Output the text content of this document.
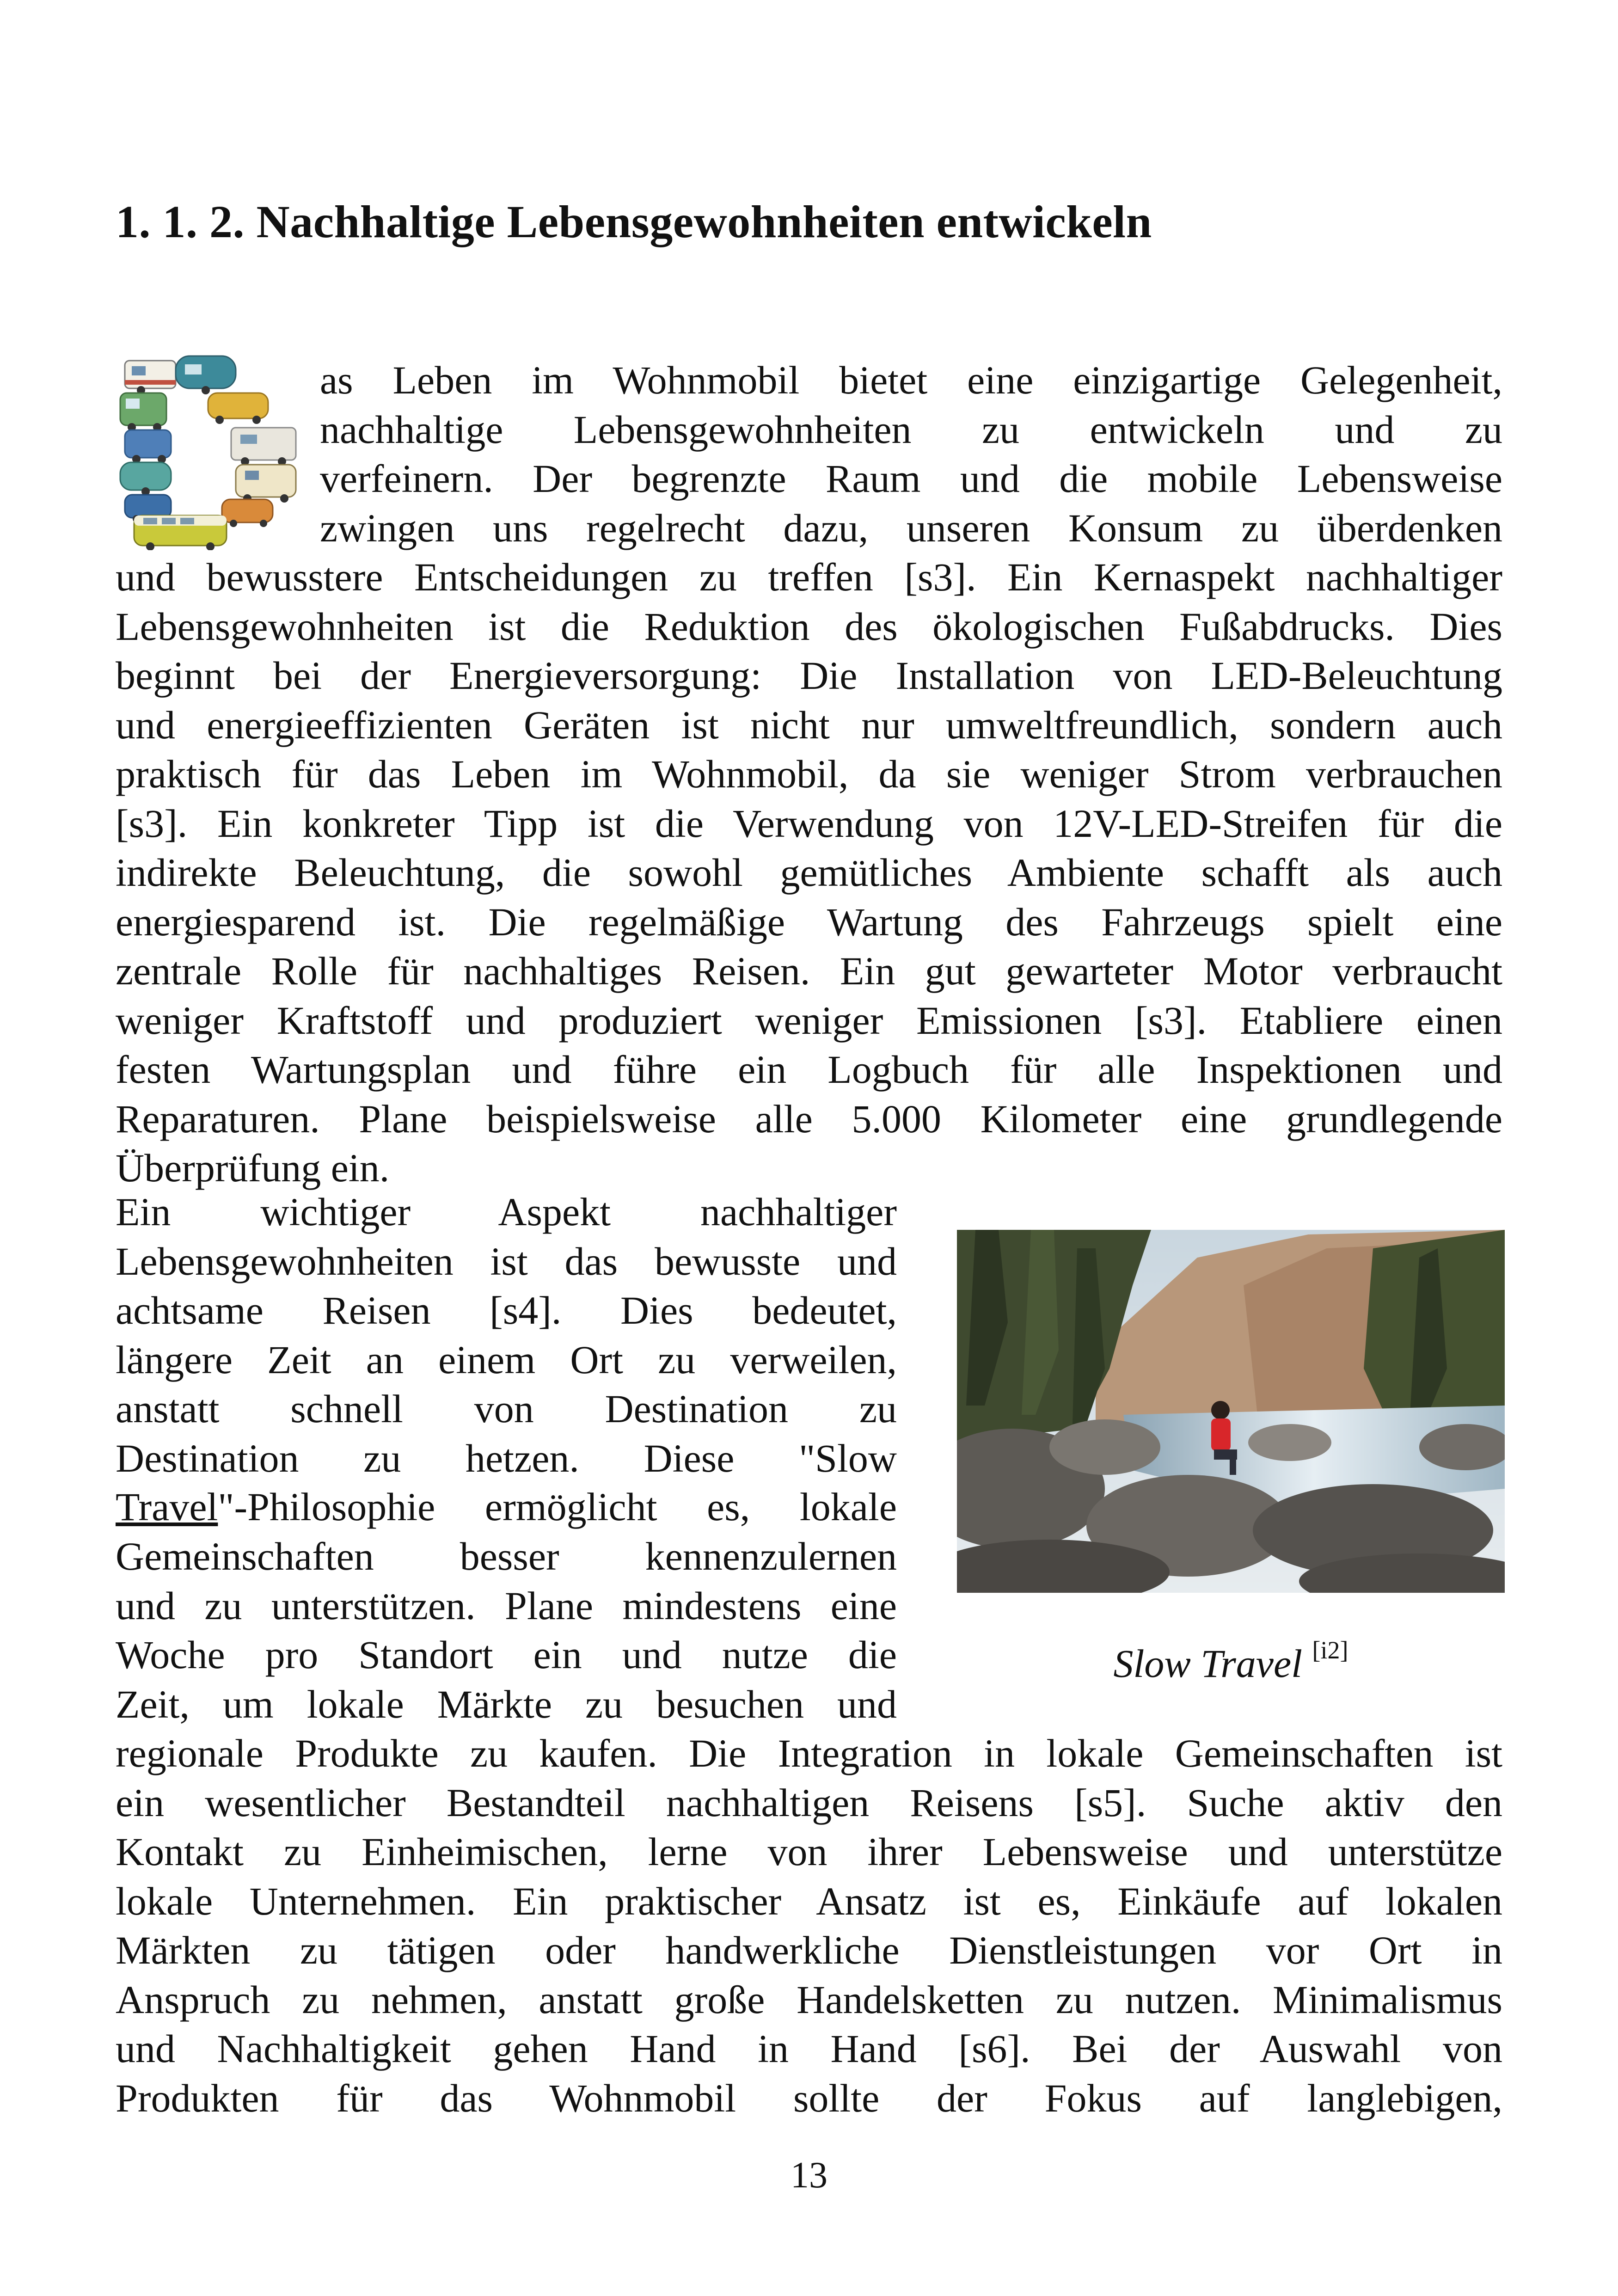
1. 1. 2. Nachhaltige Lebensgewohnheiten entwickeln
as Leben im Wohnmobil bietet eine einzigartige Gelegenheit,
nachhaltige Lebensgewohnheiten zu entwickeln und zu
verfeinern. Der begrenzte Raum und die mobile Lebensweise
zwingen uns regelrecht dazu, unseren Konsum zu überdenken
und bewusstere Entscheidungen zu treffen [s3]. Ein Kernaspekt nachhaltiger
Lebensgewohnheiten ist die Reduktion des ökologischen Fußabdrucks. Dies
beginnt bei der Energieversorgung: Die Installation von LED-Beleuchtung
und energieeffizienten Geräten ist nicht nur umweltfreundlich, sondern auch
praktisch für das Leben im Wohnmobil, da sie weniger Strom verbrauchen
[s3]. Ein konkreter Tipp ist die Verwendung von 12V-LED-Streifen für die
indirekte Beleuchtung, die sowohl gemütliches Ambiente schafft als auch
energiesparend ist. Die regelmäßige Wartung des Fahrzeugs spielt eine
zentrale Rolle für nachhaltiges Reisen. Ein gut gewarteter Motor verbraucht
weniger Kraftstoff und produziert weniger Emissionen [s3]. Etabliere einen
festen Wartungsplan und führe ein Logbuch für alle Inspektionen und
Reparaturen. Plane beispielsweise alle 5.000 Kilometer eine grundlegende
Überprüfung ein.
Ein wichtiger Aspekt nachhaltiger
Lebensgewohnheiten ist das bewusste und
achtsame Reisen [s4]. Dies bedeutet,
längere Zeit an einem Ort zu verweilen,
anstatt schnell von Destination zu
Destination zu hetzen. Diese "Slow
Gemeinschaften besser kennenzulernen
und zu unterstützen. Plane mindestens eine
Woche pro Standort ein und nutze die
Zeit, um lokale Märkte zu besuchen und
regionale Produkte zu kaufen. Die Integration in lokale Gemeinschaften ist
ein wesentlicher Bestandteil nachhaltigen Reisens [s5]. Suche aktiv den
Kontakt zu Einheimischen, lerne von ihrer Lebensweise und unterstütze
lokale Unternehmen. Ein praktischer Ansatz ist es, Einkäufe auf lokalen
Märkten zu tätigen oder handwerkliche Dienstleistungen vor Ort in
Anspruch zu nehmen, anstatt große Handelsketten zu nutzen. Minimalismus
und Nachhaltigkeit gehen Hand in Hand [s6]. Bei der Auswahl von
Produkten für das Wohnmobil sollte der Fokus auf langlebigen,
Travel"-Philosophie ermöglicht es, lokale
Slow Travel [i2]
13
